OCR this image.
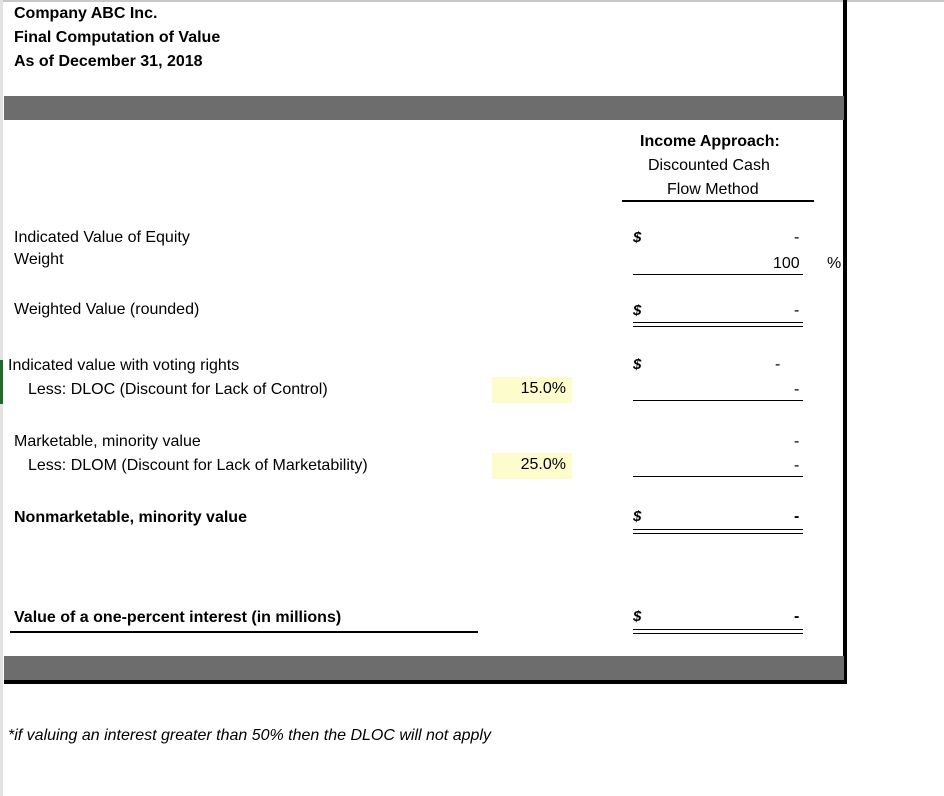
Company ABC Inc.
Final Computation of Value
As of December 31, 2018
Income Approach:
Discounted Cash
Flow Method
Indicated Value of Equity	$	-
Weight	100 %
Weighted Value (rounded)	$	-
Indicated value with voting rights	$	-
Less: DLOC (Discount for Lack of Control)	15.0%	-
Marketable, minority value	-
Less: DLOM (Discount for Lack of Marketability)	25.0%	-
Nonmarketable, minority value	$	-
Value of a one-percent interest (in millions)	$	-
*if valuing an interest greater than 50% then the DLOC will not apply
